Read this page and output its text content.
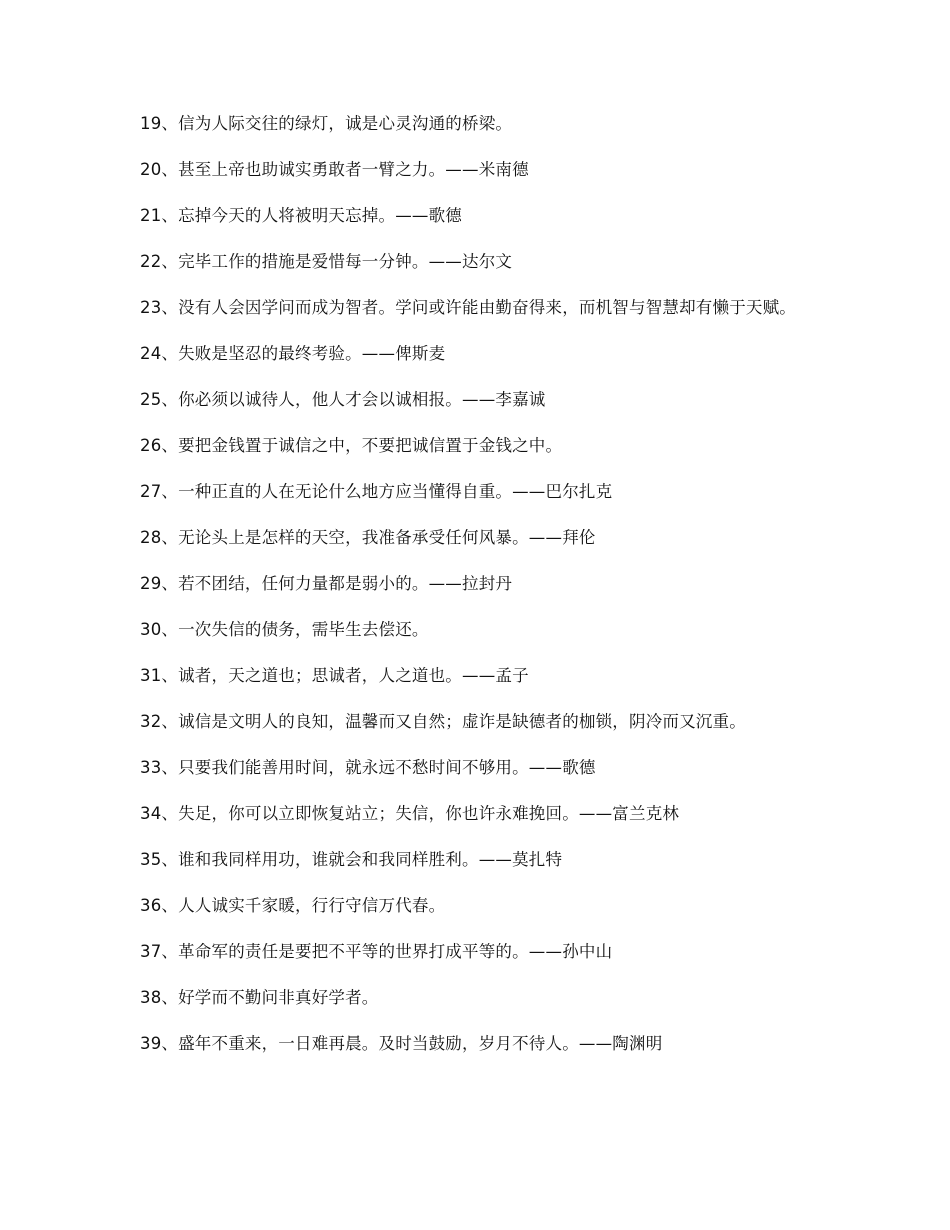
19、信为人际交往的绿灯，诚是心灵沟通的桥梁。

20、甚至上帝也助诚实勇敢者一臂之力。——米南德

21、忘掉今天的人将被明天忘掉。——歌德

22、完毕工作的措施是爱惜每一分钟。——达尔文

23、没有人会因学问而成为智者。学问或许能由勤奋得来，而机智与智慧却有懒于天赋。

24、失败是坚忍的最终考验。——俾斯麦

25、你必须以诚待人，他人才会以诚相报。——李嘉诚

26、要把金钱置于诚信之中，不要把诚信置于金钱之中。

27、一种正直的人在无论什么地方应当懂得自重。——巴尔扎克

28、无论头上是怎样的天空，我准备承受任何风暴。——拜伦

29、若不团结，任何力量都是弱小的。——拉封丹

30、一次失信的债务，需毕生去偿还。

31、诚者，天之道也；思诚者，人之道也。——孟子

32、诚信是文明人的良知，温馨而又自然；虚诈是缺德者的枷锁，阴冷而又沉重。

33、只要我们能善用时间，就永远不愁时间不够用。——歌德

34、失足，你可以立即恢复站立；失信，你也许永难挽回。——富兰克林

35、谁和我同样用功，谁就会和我同样胜利。——莫扎特

36、人人诚实千家暖，行行守信万代春。

37、革命军的责任是要把不平等的世界打成平等的。——孙中山

38、好学而不勤问非真好学者。

39、盛年不重来，一日难再晨。及时当鼓励，岁月不待人。——陶渊明
